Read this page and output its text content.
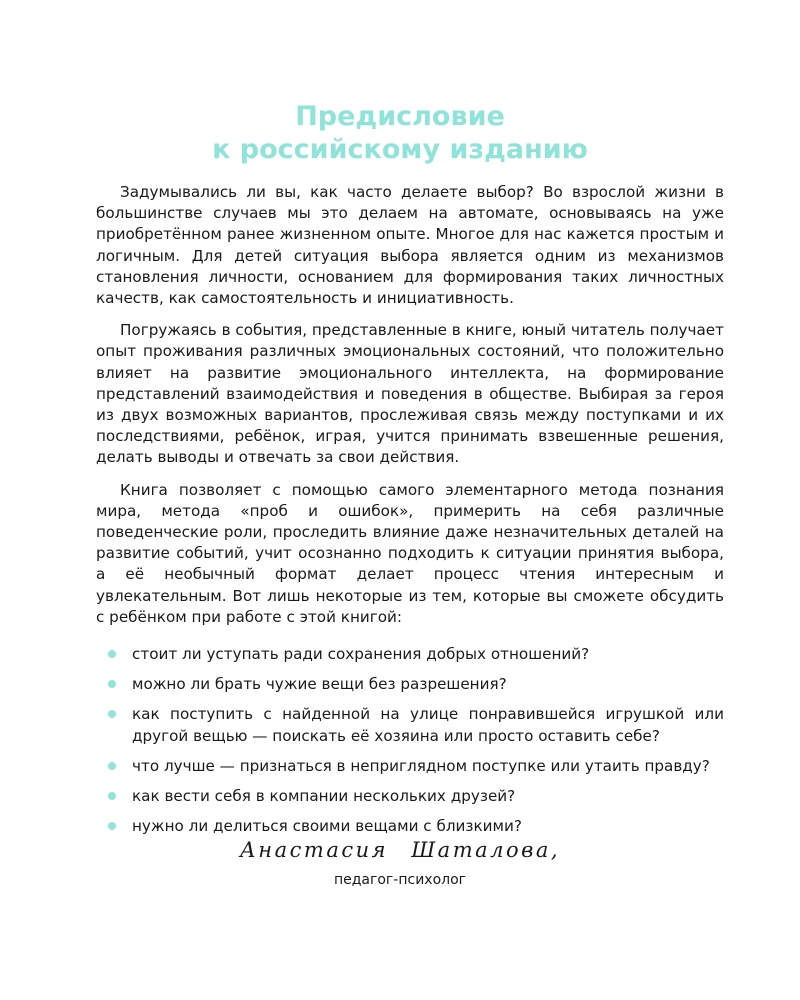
Предисловие
к российскому изданию

Задумывались ли вы, как часто делаете выбор? Во взрослой жизни в большинстве случаев мы это делаем на автомате, основываясь на уже приобретённом ранее жизненном опыте. Многое для нас кажется простым и логичным. Для детей ситуация выбора является одним из механизмов становления личности, основанием для формирования таких личностных качеств, как самостоятельность и инициативность.

Погружаясь в события, представленные в книге, юный читатель получает опыт проживания различных эмоциональных состояний, что положительно влияет на развитие эмоционального интеллекта, на формирование представлений взаимодействия и поведения в обществе. Выбирая за героя из двух возможных вариантов, прослеживая связь между поступками и их последствиями, ребёнок, играя, учится принимать взвешенные решения, делать выводы и отвечать за свои действия.

Книга позволяет с помощью самого элементарного метода познания мира, метода «проб и ошибок», примерить на себя различные поведенческие роли, проследить влияние даже незначительных деталей на развитие событий, учит осознанно подходить к ситуации принятия выбора, а её необычный формат делает процесс чтения интересным и увлекательным. Вот лишь некоторые из тем, которые вы сможете обсудить с ребёнком при работе с этой книгой:

стоит ли уступать ради сохранения добрых отношений?
можно ли брать чужие вещи без разрешения?
как поступить с найденной на улице понравившейся игрушкой или другой вещью — поискать её хозяина или просто оставить себе?
что лучше — признаться в неприглядном поступке или утаить правду?
как вести себя в компании нескольких друзей?
нужно ли делиться своими вещами с близкими?
Анастасия Шаталова,
педагог-психолог
